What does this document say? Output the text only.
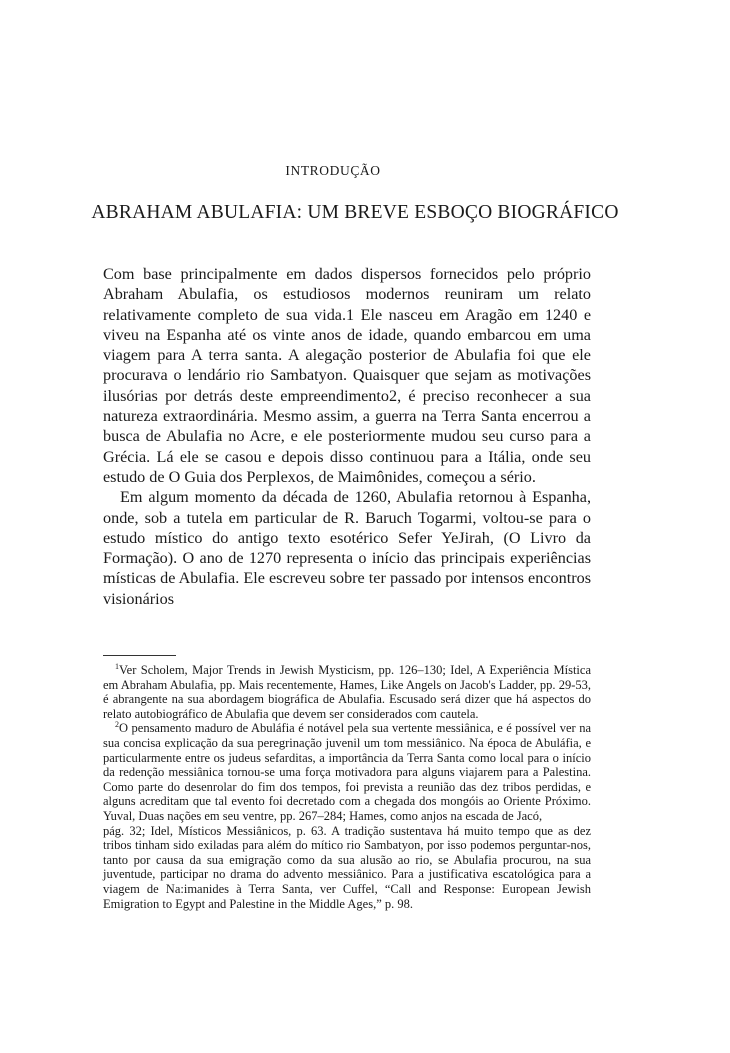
INTRODUÇÃO
ABRAHAM ABULAFIA: UM BREVE ESBOÇO BIOGRÁFICO

Com base principalmente em dados dispersos fornecidos pelo próprio Abraham Abulafia, os estudiosos modernos reuniram um relato relativamente completo de sua vida.1 Ele nasceu em Aragão em 1240 e viveu na Espanha até os vinte anos de idade, quando embarcou em uma viagem para A terra santa. A alegação posterior de Abulafia foi que ele procurava o lendário rio Sambatyon. Quaisquer que sejam as motivações ilusórias por detrás deste empreendimento2, é preciso reconhecer a sua natureza extraordinária. Mesmo assim, a guerra na Terra Santa encerrou a busca de Abulafia no Acre, e ele posteriormente mudou seu curso para a Grécia. Lá ele se casou e depois disso continuou para a Itália, onde seu estudo de O Guia dos Perplexos, de Maimônides, começou a sério.

Em algum momento da década de 1260, Abulafia retornou à Espanha, onde, sob a tutela em particular de R. Baruch Togarmi, voltou-se para o estudo místico do antigo texto esotérico Sefer YeJirah, (O Livro da Formação). O ano de 1270 representa o início das principais experiências místicas de Abulafia. Ele escreveu sobre ter passado por intensos encontros visionários

$^1$Ver Scholem, Major Trends in Jewish Mysticism, pp. 126–130; Idel, A Experiência Mística em Abraham Abulafia, pp. Mais recentemente, Hames, Like Angels on Jacob's Ladder, pp. 29-53, é abrangente na sua abordagem biográfica de Abulafia. Escusado será dizer que há aspectos do relato autobiográfico de Abulafia que devem ser considerados com cautela.

$^2$O pensamento maduro de Abuláfia é notável pela sua vertente messiânica, e é possível ver na sua concisa explicação da sua peregrinação juvenil um tom messiânico. Na época de Abuláfia, e particularmente entre os judeus sefarditas, a importância da Terra Santa como local para o início da redenção messiânica tornou-se uma força motivadora para alguns viajarem para a Palestina. Como parte do desenrolar do fim dos tempos, foi prevista a reunião das dez tribos perdidas, e alguns acreditam que tal evento foi decretado com a chegada dos mongóis ao Oriente Próximo. Yuval, Duas nações em seu ventre, pp. 267–284; Hames, como anjos na escada de Jacó,

pág. 32; Idel, Místicos Messiânicos, p. 63. A tradição sustentava há muito tempo que as dez tribos tinham sido exiladas para além do mítico rio Sambatyon, por isso podemos perguntar-nos, tanto por causa da sua emigração como da sua alusão ao rio, se Abulafia procurou, na sua juventude, participar no drama do advento messiânico. Para a justificativa escatológica para a viagem de Na:imanides à Terra Santa, ver Cuffel, “Call and Response: European Jewish Emigration to Egypt and Palestine in the Middle Ages,” p. 98.
